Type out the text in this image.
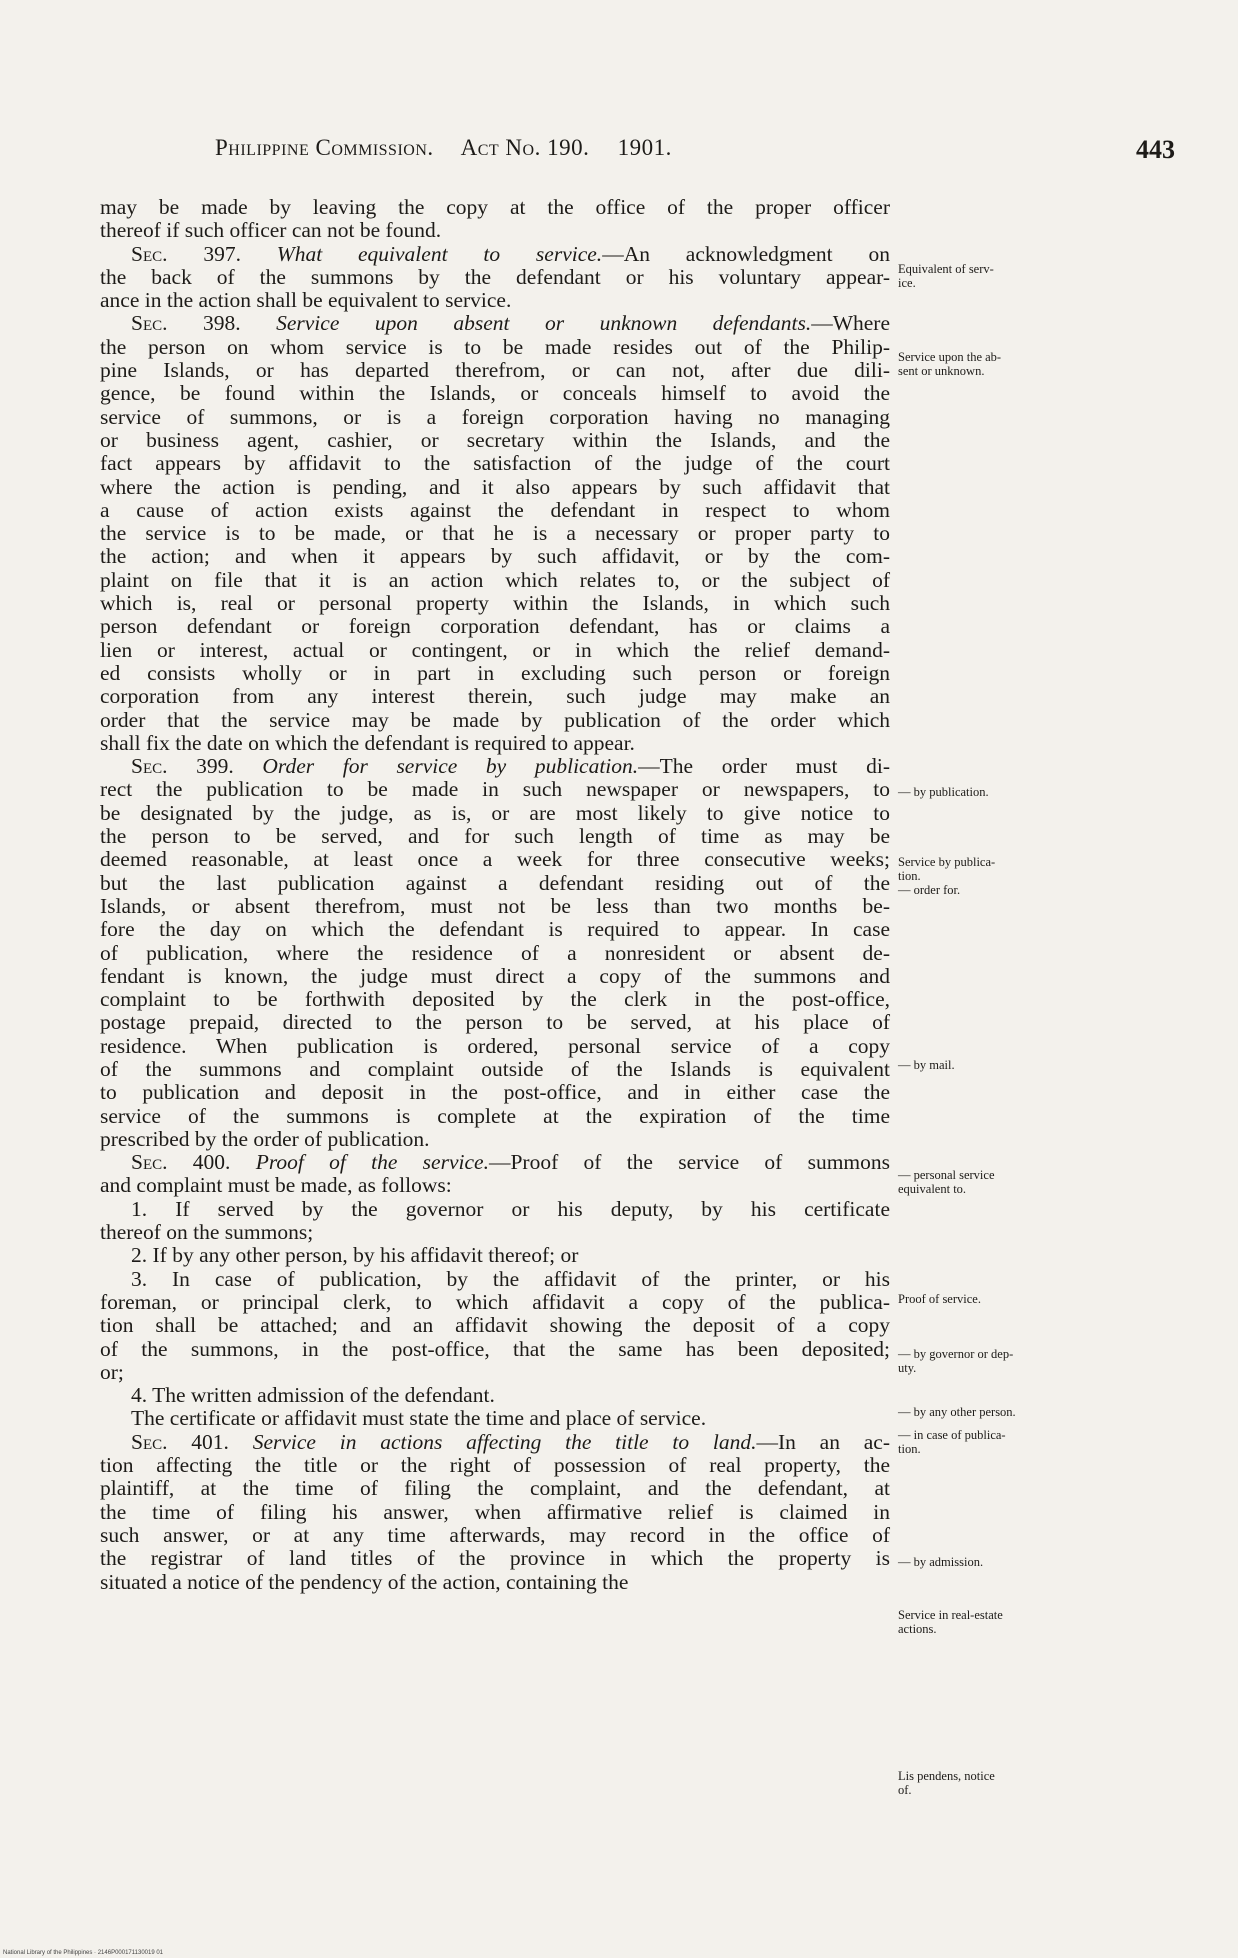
Philippine Commission. Act No. 190. 1901.	443
may be made by leaving the copy at the office of the proper officer
thereof if such officer can not be found.
Sec. 397. What equivalent to service.—An acknowledgment on
the back of the summons by the defendant or his voluntary appear-
ance in the action shall be equivalent to service.
Sec. 398. Service upon absent or unknown defendants.—Where
the person on whom service is to be made resides out of the Philip-
pine Islands, or has departed therefrom, or can not, after due dili-
gence, be found within the Islands, or conceals himself to avoid the
service of summons, or is a foreign corporation having no managing
or business agent, cashier, or secretary within the Islands, and the
fact appears by affidavit to the satisfaction of the judge of the court
where the action is pending, and it also appears by such affidavit that
a cause of action exists against the defendant in respect to whom
the service is to be made, or that he is a necessary or proper party to
the action; and when it appears by such affidavit, or by the com-
plaint on file that it is an action which relates to, or the subject of
which is, real or personal property within the Islands, in which such
person defendant or foreign corporation defendant, has or claims a
lien or interest, actual or contingent, or in which the relief demand-
ed consists wholly or in part in excluding such person or foreign
corporation from any interest therein, such judge may make an
order that the service may be made by publication of the order which
shall fix the date on which the defendant is required to appear.
Sec. 399. Order for service by publication.—The order must di-
rect the publication to be made in such newspaper or newspapers, to
be designated by the judge, as is, or are most likely to give notice to
the person to be served, and for such length of time as may be
deemed reasonable, at least once a week for three consecutive weeks;
but the last publication against a defendant residing out of the
Islands, or absent therefrom, must not be less than two months be-
fore the day on which the defendant is required to appear. In case
of publication, where the residence of a nonresident or absent de-
fendant is known, the judge must direct a copy of the summons and
complaint to be forthwith deposited by the clerk in the post-office,
postage prepaid, directed to the person to be served, at his place of
residence. When publication is ordered, personal service of a copy
of the summons and complaint outside of the Islands is equivalent
to publication and deposit in the post-office, and in either case the
service of the summons is complete at the expiration of the time
prescribed by the order of publication.
Sec. 400. Proof of the service.—Proof of the service of summons
and complaint must be made, as follows:
1. If served by the governor or his deputy, by his certificate
thereof on the summons;
2. If by any other person, by his affidavit thereof; or
3. In case of publication, by the affidavit of the printer, or his
foreman, or principal clerk, to which affidavit a copy of the publica-
tion shall be attached; and an affidavit showing the deposit of a copy
of the summons, in the post-office, that the same has been deposited;
or;
4. The written admission of the defendant.
The certificate or affidavit must state the time and place of service.
Sec. 401. Service in actions affecting the title to land.—In an ac-
tion affecting the title or the right of possession of real property, the
plaintiff, at the time of filing the complaint, and the defendant, at
the time of filing his answer, when affirmative relief is claimed in
such answer, or at any time afterwards, may record in the office of
the registrar of land titles of the province in which the property is
situated a notice of the pendency of the action, containing the
Equivalent of serv-
ice.
Service upon the ab-
sent or unknown.
— by publication.
Service by publica-
tion.
— order for.
— by mail.
— personal service
equivalent to.
Proof of service.
— by governor or dep-
uty.
— by any other person.
— in case of publica-
tion.
— by admission.
Service in real-estate
actions.
Lis pendens, notice
of.
National Library of the Philippines · 2146P000171130019 01
